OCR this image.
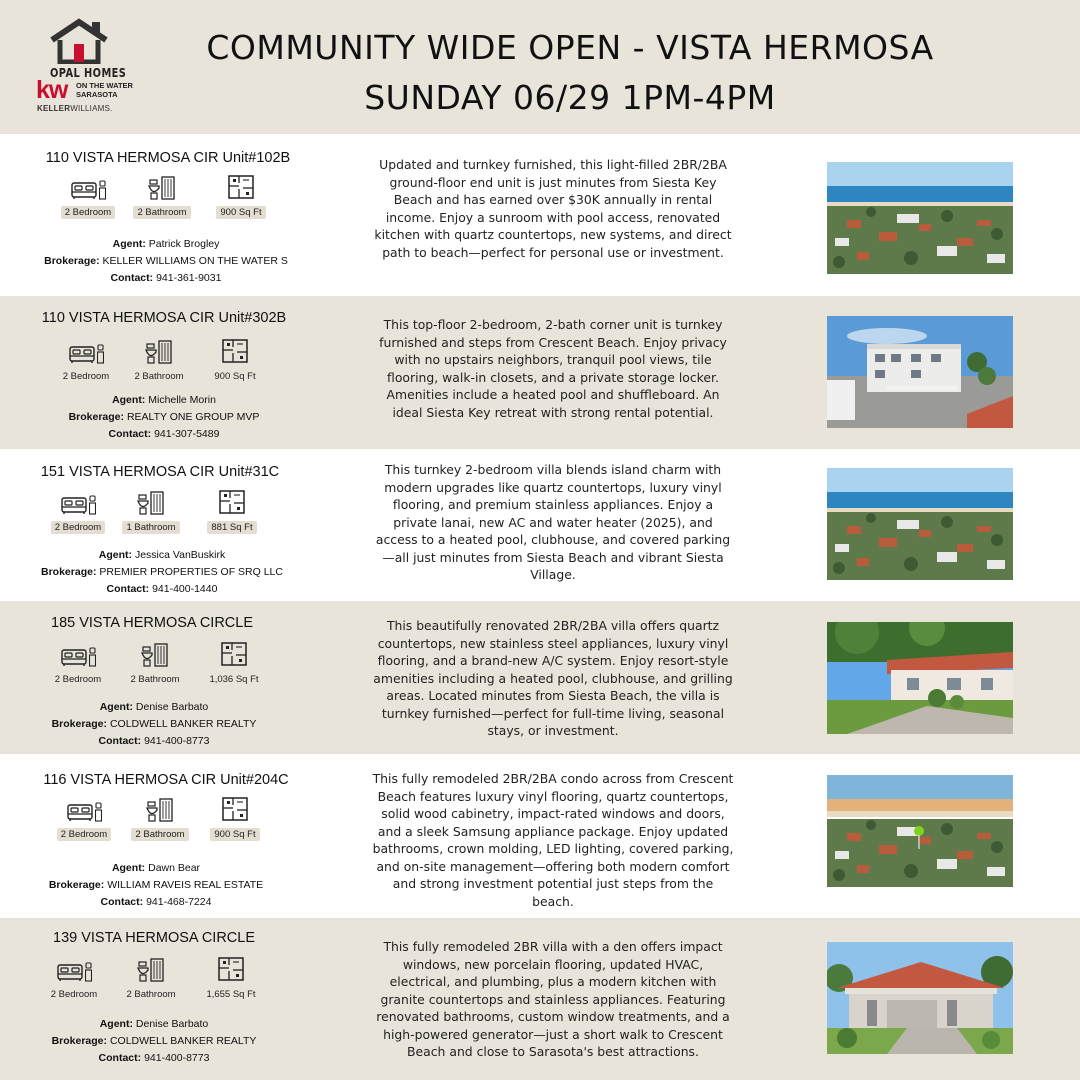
OPAL HOMES
kw ON THE WATER
SARASOTA
KELLERWILLIAMS.
COMMUNITY WIDE OPEN - VISTA HERMOSA
SUNDAY 06/29 1PM-4PM
110 VISTA HERMOSA CIR Unit#102B
2 Bedroom	2 Bathroom	900 Sq Ft
Agent: Patrick Brogley
Brokerage: KELLER WILLIAMS ON THE WATER S
Contact: 941-361-9031
Updated and turnkey furnished, this light-filled 2BR/2BA ground-floor end unit is just minutes from Siesta Key Beach and has earned over $30K annually in rental income. Enjoy a sunroom with pool access, renovated kitchen with quartz countertops, new systems, and direct path to beach—perfect for personal use or investment.
110 VISTA HERMOSA CIR Unit#302B
2 Bedroom	2 Bathroom	900 Sq Ft
Agent: Michelle Morin
Brokerage: REALTY ONE GROUP MVP
Contact: 941-307-5489
This top-floor 2-bedroom, 2-bath corner unit is turnkey furnished and steps from Crescent Beach. Enjoy privacy with no upstairs neighbors, tranquil pool views, tile flooring, walk-in closets, and a private storage locker. Amenities include a heated pool and shuffleboard. An ideal Siesta Key retreat with strong rental potential.
151 VISTA HERMOSA CIR Unit#31C
2 Bedroom	1 Bathroom	881 Sq Ft
Agent: Jessica VanBuskirk
Brokerage: PREMIER PROPERTIES OF SRQ LLC
Contact: 941-400-1440
This turnkey 2-bedroom villa blends island charm with modern upgrades like quartz countertops, luxury vinyl flooring, and premium stainless appliances. Enjoy a private lanai, new AC and water heater (2025), and access to a heated pool, clubhouse, and covered parking—all just minutes from Siesta Beach and vibrant Siesta Village.
185 VISTA HERMOSA CIRCLE
2 Bedroom	2 Bathroom	1,036 Sq Ft
Agent: Denise Barbato
Brokerage: COLDWELL BANKER REALTY
Contact: 941-400-8773
This beautifully renovated 2BR/2BA villa offers quartz countertops, new stainless steel appliances, luxury vinyl flooring, and a brand-new A/C system. Enjoy resort-style amenities including a heated pool, clubhouse, and grilling areas. Located minutes from Siesta Beach, the villa is turnkey furnished—perfect for full-time living, seasonal stays, or investment.
116 VISTA HERMOSA CIR Unit#204C
2 Bedroom	2 Bathroom	900 Sq Ft
Agent: Dawn Bear
Brokerage: WILLIAM RAVEIS REAL ESTATE
Contact: 941-468-7224
This fully remodeled 2BR/2BA condo across from Crescent Beach features luxury vinyl flooring, quartz countertops, solid wood cabinetry, impact-rated windows and doors, and a sleek Samsung appliance package. Enjoy updated bathrooms, crown molding, LED lighting, covered parking, and on-site management—offering both modern comfort and strong investment potential just steps from the beach.
139 VISTA HERMOSA CIRCLE
2 Bedroom	2 Bathroom	1,655 Sq Ft
Agent: Denise Barbato
Brokerage: COLDWELL BANKER REALTY
Contact: 941-400-8773
This fully remodeled 2BR villa with a den offers impact windows, new porcelain flooring, updated HVAC, electrical, and plumbing, plus a modern kitchen with granite countertops and stainless appliances. Featuring renovated bathrooms, custom window treatments, and a high-powered generator—just a short walk to Crescent Beach and close to Sarasota's best attractions.
